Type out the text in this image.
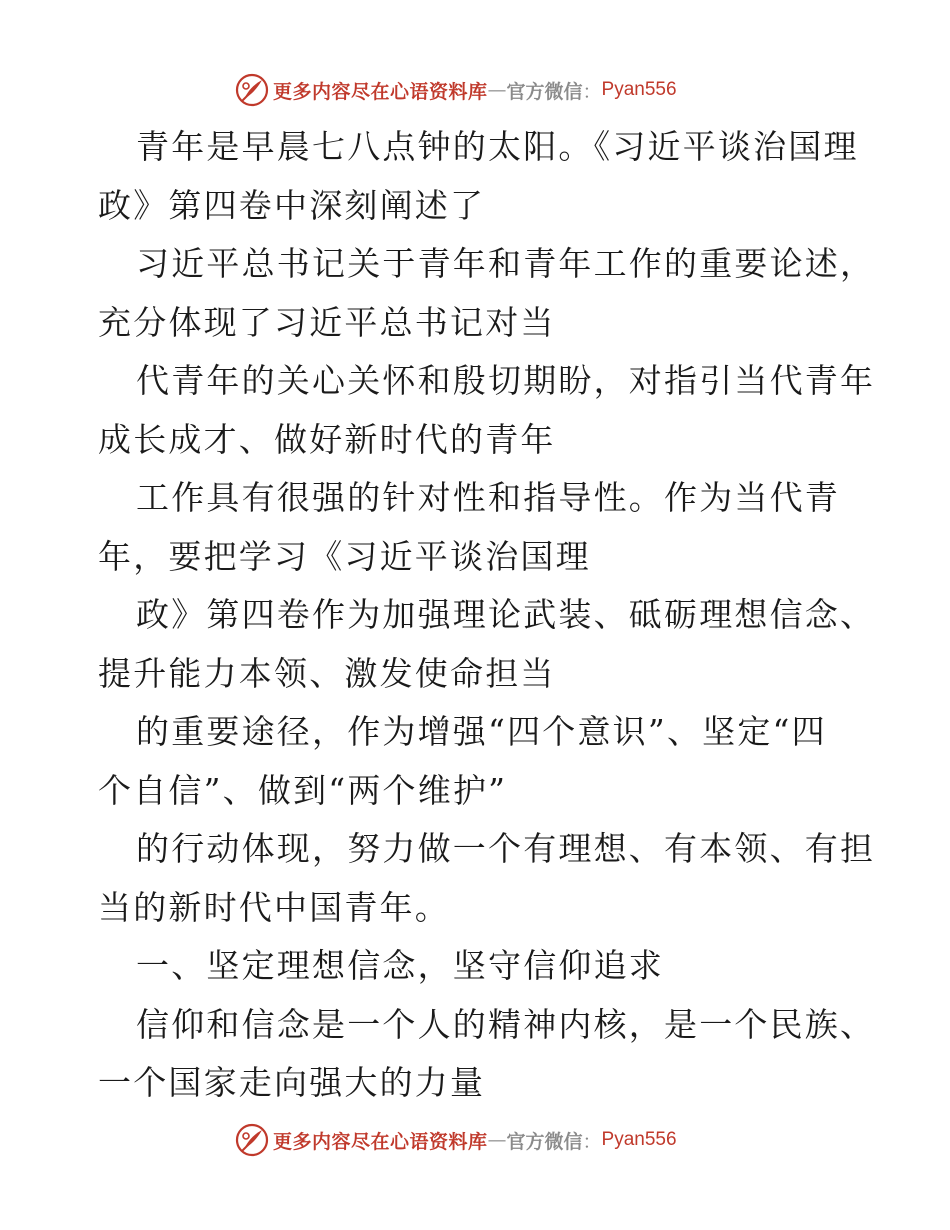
更多内容尽在心语资料库 — 官方微信 ： Pyan556
青年是早晨七八点钟的太阳。《习近平谈治国理
政》第四卷中深刻阐述了
习近平总书记关于青年和青年工作的重要论述，
充分体现了习近平总书记对当
代青年的关心关怀和殷切期盼，对指引当代青年
成长成才、做好新时代的青年
工作具有很强的针对性和指导性。作为当代青
年，要把学习《习近平谈治国理
政》第四卷作为加强理论武装、砥砺理想信念、
提升能力本领、激发使命担当
的重要途径，作为增强“四个意识”、坚定“四
个自信”、做到“两个维护”
的行动体现，努力做一个有理想、有本领、有担
当的新时代中国青年。
一、坚定理想信念，坚守信仰追求
信仰和信念是一个人的精神内核，是一个民族、
一个国家走向强大的力量
更多内容尽在心语资料库 — 官方微信 ： Pyan556
